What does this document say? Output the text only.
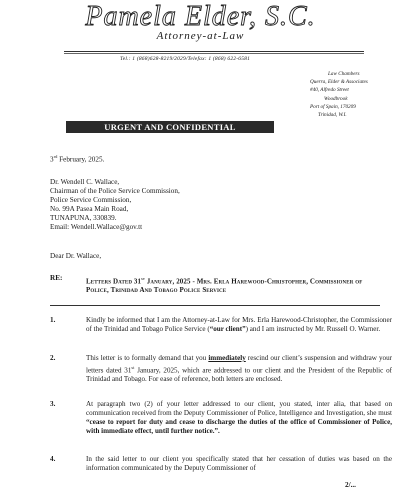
Pamela Elder, S.C.
Attorney-at-Law
Tel.: 1 (868)628-8219/2029/Telefax: 1 (868) 622-6581
Law Chambers
Querra, Elder & Associates
#40, Alfredo Street
Woodbrook
Port of Spain, 170209
Trinidad, W.I.
URGENT AND CONFIDENTIAL
3rd February, 2025.
Dr. Wendell C. Wallace,
Chairman of the Police Service Commission,
Police Service Commission,
No. 99A Pasea Main Road,
TUNAPUNA, 330839.
Email: Wendell.Wallace@gov.tt
Dear Dr. Wallace,
RE:	Letters Dated 31st January, 2025 - Mrs. Erla Harewood-Christopher, Commissioner of Police, Trinidad And Tobago Police Service
1.	Kindly be informed that I am the Attorney-at-Law for Mrs. Erla Harewood-Christopher, the Commissioner of the Trinidad and Tobago Police Service (“our client”) and I am instructed by Mr. Russell O. Warner.
2.	This letter is to formally demand that you immediately rescind our client’s suspension and withdraw your letters dated 31st January, 2025, which are addressed to our client and the President of the Republic of Trinidad and Tobago. For ease of reference, both letters are enclosed.
3.	At paragraph two (2) of your letter addressed to our client, you stated, inter alia, that based on communication received from the Deputy Commissioner of Police, Intelligence and Investigation, she must “cease to report for duty and cease to discharge the duties of the office of Commissioner of Police, with immediate effect, until further notice.”.
4.	In the said letter to our client you specifically stated that her cessation of duties was based on the information communicated by the Deputy Commissioner of
2/...
